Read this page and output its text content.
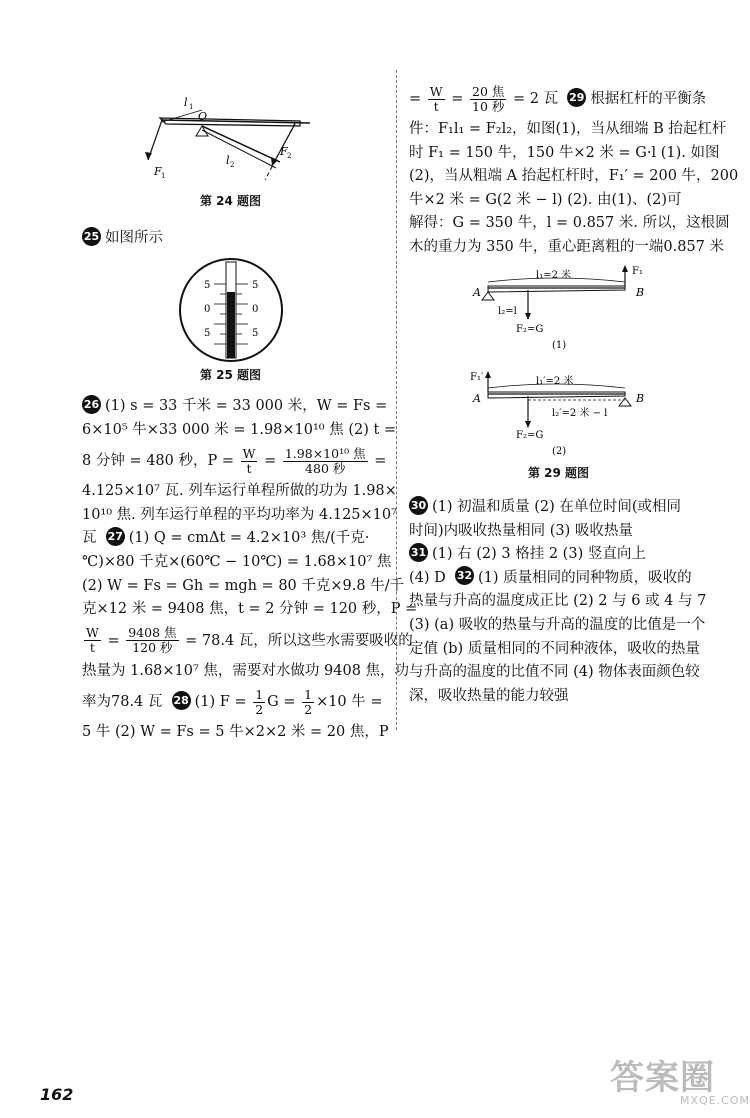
l 1
O
l 2
F 1
F 2
第 24 题图
25 如图所示
5
0
5
5
0
5
第 25 题图
26 (1) s = 33 千米 = 33 000 米，W = Fs =
6×10⁵ 牛×33 000 米 = 1.98×10¹⁰ 焦 (2) t =
8 分钟 = 480 秒，$P = \frac{W}{t} = \frac{\text{1.98×10¹⁰ 焦}}{\text{480 秒}}$ =
4.125×10⁷ 瓦. 列车运行单程所做的功为 1.98×
10¹⁰ 焦. 列车运行单程的平均功率为 4.125×10⁷
瓦 27 (1) Q = cmΔt = 4.2×10³ 焦/(千克·
℃)×80 千克×(60℃ − 10℃) = 1.68×10⁷ 焦
(2) W = Fs = Gh = mgh = 80 千克×9.8 牛/千
克×12 米 = 9408 焦，t = 2 分钟 = 120 秒，P =
$\frac{W}{t} = \frac{\text{9408 焦}}{\text{120 秒}} = 78.4$ 瓦，所以这些水需要吸收的
热量为 1.68×10⁷ 焦，需要对水做功 9408 焦，功
率为78.4 瓦 28 (1) $F = \frac{1}{2}$ $G = \frac{1}{2} \times 10$ 牛 =
5 牛 (2) W = Fs = 5 牛×2×2 米 = 20 焦，P
= $\frac{W}{t} = \frac{\text{20 焦}}{\text{10 秒}} = 2$ 瓦 29 根据杠杆的平衡条
件：F₁l₁ = F₂l₂，如图(1)，当从细端 B 抬起杠杆
时 F₁ = 150 牛，150 牛×2 米 = G·l (1). 如图
(2)，当从粗端 A 抬起杠杆时，F₁′ = 200 牛，200
牛×2 米 = G(2 米 − l) (2). 由(1)、(2)可
解得：G = 350 牛，l = 0.857 米. 所以，这根圆
木的重力为 350 牛，重心距离粗的一端0.857 米
A	B
l₁=2 米	F₁
l₂=l
F₂=G
(1)
A	B
l₁′=2 米
F₁′
l₂′=2 米 − l
F₂=G
(2)
第 29 题图
30 (1) 初温和质量 (2) 在单位时间(或相同
时间)内吸收热量相同 (3) 吸收热量
31 (1) 右 (2) 3 格挂 2 (3) 竖直向上
(4) D 32 (1) 质量相同的同种物质，吸收的
热量与升高的温度成正比 (2) 2 与 6 或 4 与 7
(3) (a) 吸收的热量与升高的温度的比值是一个
定值 (b) 质量相同的不同种液体，吸收的热量
与升高的温度的比值不同 (4) 物体表面颜色较
深，吸收热量的能力较强
162	答案圈
MXQE.COM
